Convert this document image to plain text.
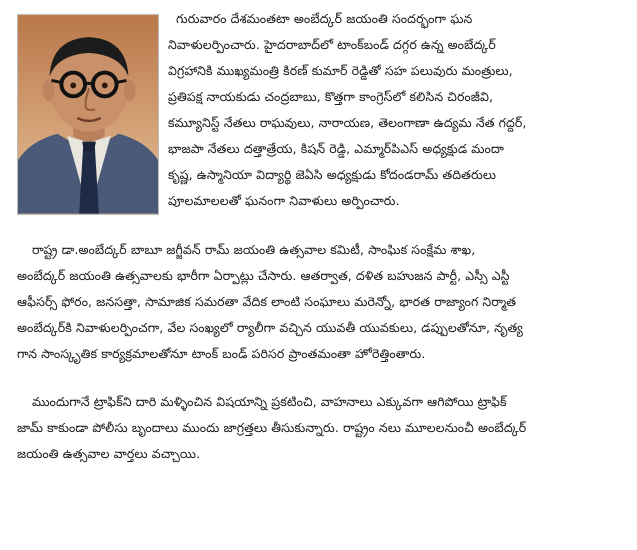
గురువారం దేశమంతటా అంబేద్కర్ జయంతి సందర్భంగా ఘన
నివాళులర్పించారు. హైదరాబాద్‌లో టాంక్‌బండ్ దగ్గర ఉన్న అంబేద్కర్
విగ్రహానికి ముఖ్యమంత్రి కిరణ్ కుమార్ రెడ్డితో సహ పలువురు మంత్రులు,
ప్రతిపక్ష నాయకుడు చంద్రబాబు, కొత్తగా కాంగ్రెస్‌లో కలిసిన చిరంజీవి,
కమ్యూనిస్ట్ నేతలు రాఘవులు, నారాయణ, తెలంగాణా ఉద్యమ నేత గద్దర్,
భాజపా నేతలు దత్తాత్రేయ, కిషన్ రెడ్డి, ఎమ్మార్‌పిఎస్ అధ్యక్షుడ మందా
కృష్ణ, ఉస్మానియా విద్యార్థి జెఏసి అధ్యక్షుడు కోదండరామ్ తదితరులు
పూలమాలలతో ఘనంగా నివాళులు అర్పించారు.
రాష్ట్ర డా.అంబేద్కర్ బాబూ జగ్జీవన్ రామ్ జయంతి ఉత్సవాల కమిటీ, సాంఘిక సంక్షేమ శాఖ,
అంబేద్కర్ జయంతి ఉత్సవాలకు భారీగా ఏర్పాట్లు చేసారు. ఆతర్వాత, దళిత బహుజన పార్టీ, ఎస్సీ ఎస్టీ
ఆఫీసర్స్ ఫోరం, జనసత్తా, సామాజిక సమరతా వేదిక లాంటి సంఘాలు మరెన్నో, భారత రాజ్యాంగ నిర్మాత
అంబేద్కర్‌కి నివాళులర్పించగా, వేల సంఖ్యలో ర్యాలీగా వచ్చిన యువతీ యువకులు, డప్పులతోనూ, నృత్య
గాన సాంస్కృతిక కార్యక్రమాలతోనూ టాంక్ బండ్ పరిసర ప్రాంతమంతా హోరెత్తింతారు.
ముందుగానే ట్రాఫిక్‌ని దారి మళ్ళించిన విషయాన్ని ప్రకటించి, వాహనాలు ఎక్కువగా ఆగిపోయి ట్రాఫిక్
జామ్ కాకుండా పోలీసు బృందాలు ముందు జాగ్రత్తలు తీసుకున్నారు. రాష్ట్రం నలు మూలలనుంచీ అంబేద్కర్
జయంతి ఉత్సవాల వార్తలు వచ్చాయి.
